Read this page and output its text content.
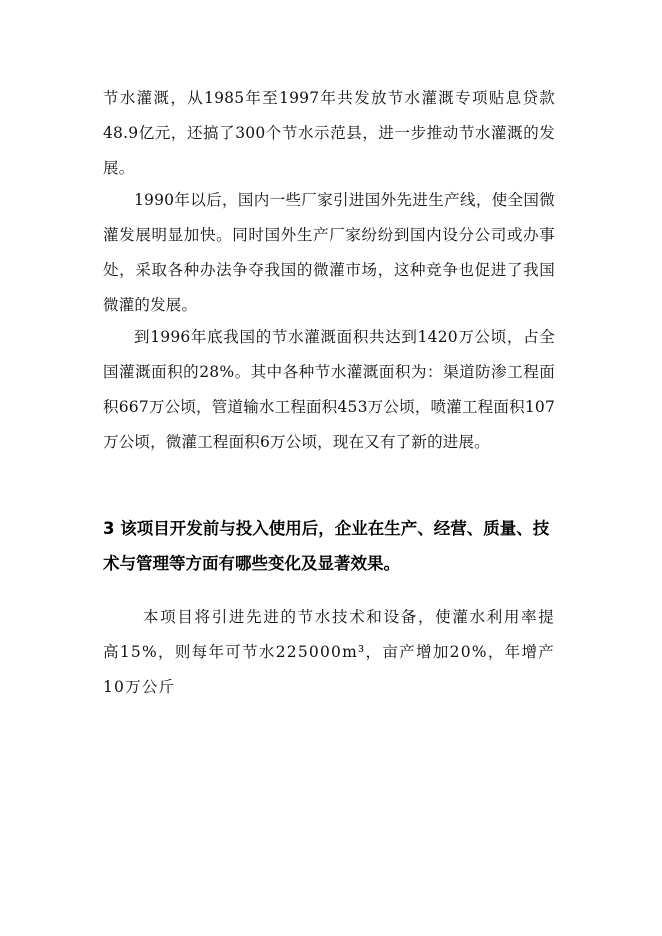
节水灌溉，从1985年至1997年共发放节水灌溉专项贴息贷款48.9亿元，还搞了300个节水示范县，进一步推动节水灌溉的发展。

1990年以后，国内一些厂家引进国外先进生产线，使全国微灌发展明显加快。同时国外生产厂家纷纷到国内设分公司或办事处，采取各种办法争夺我国的微灌市场，这种竞争也促进了我国微灌的发展。

到1996年底我国的节水灌溉面积共达到1420万公顷，占全国灌溉面积的28%。其中各种节水灌溉面积为：渠道防渗工程面积667万公顷，管道输水工程面积453万公顷，喷灌工程面积107万公顷，微灌工程面积6万公顷，现在又有了新的进展。

3 该项目开发前与投入使用后，企业在生产、经营、质量、技术与管理等方面有哪些变化及显著效果。

本项目将引进先进的节水技术和设备，使灌水利用率提高15%，则每年可节水225000m³，亩产增加20%，年增产10万公斤
